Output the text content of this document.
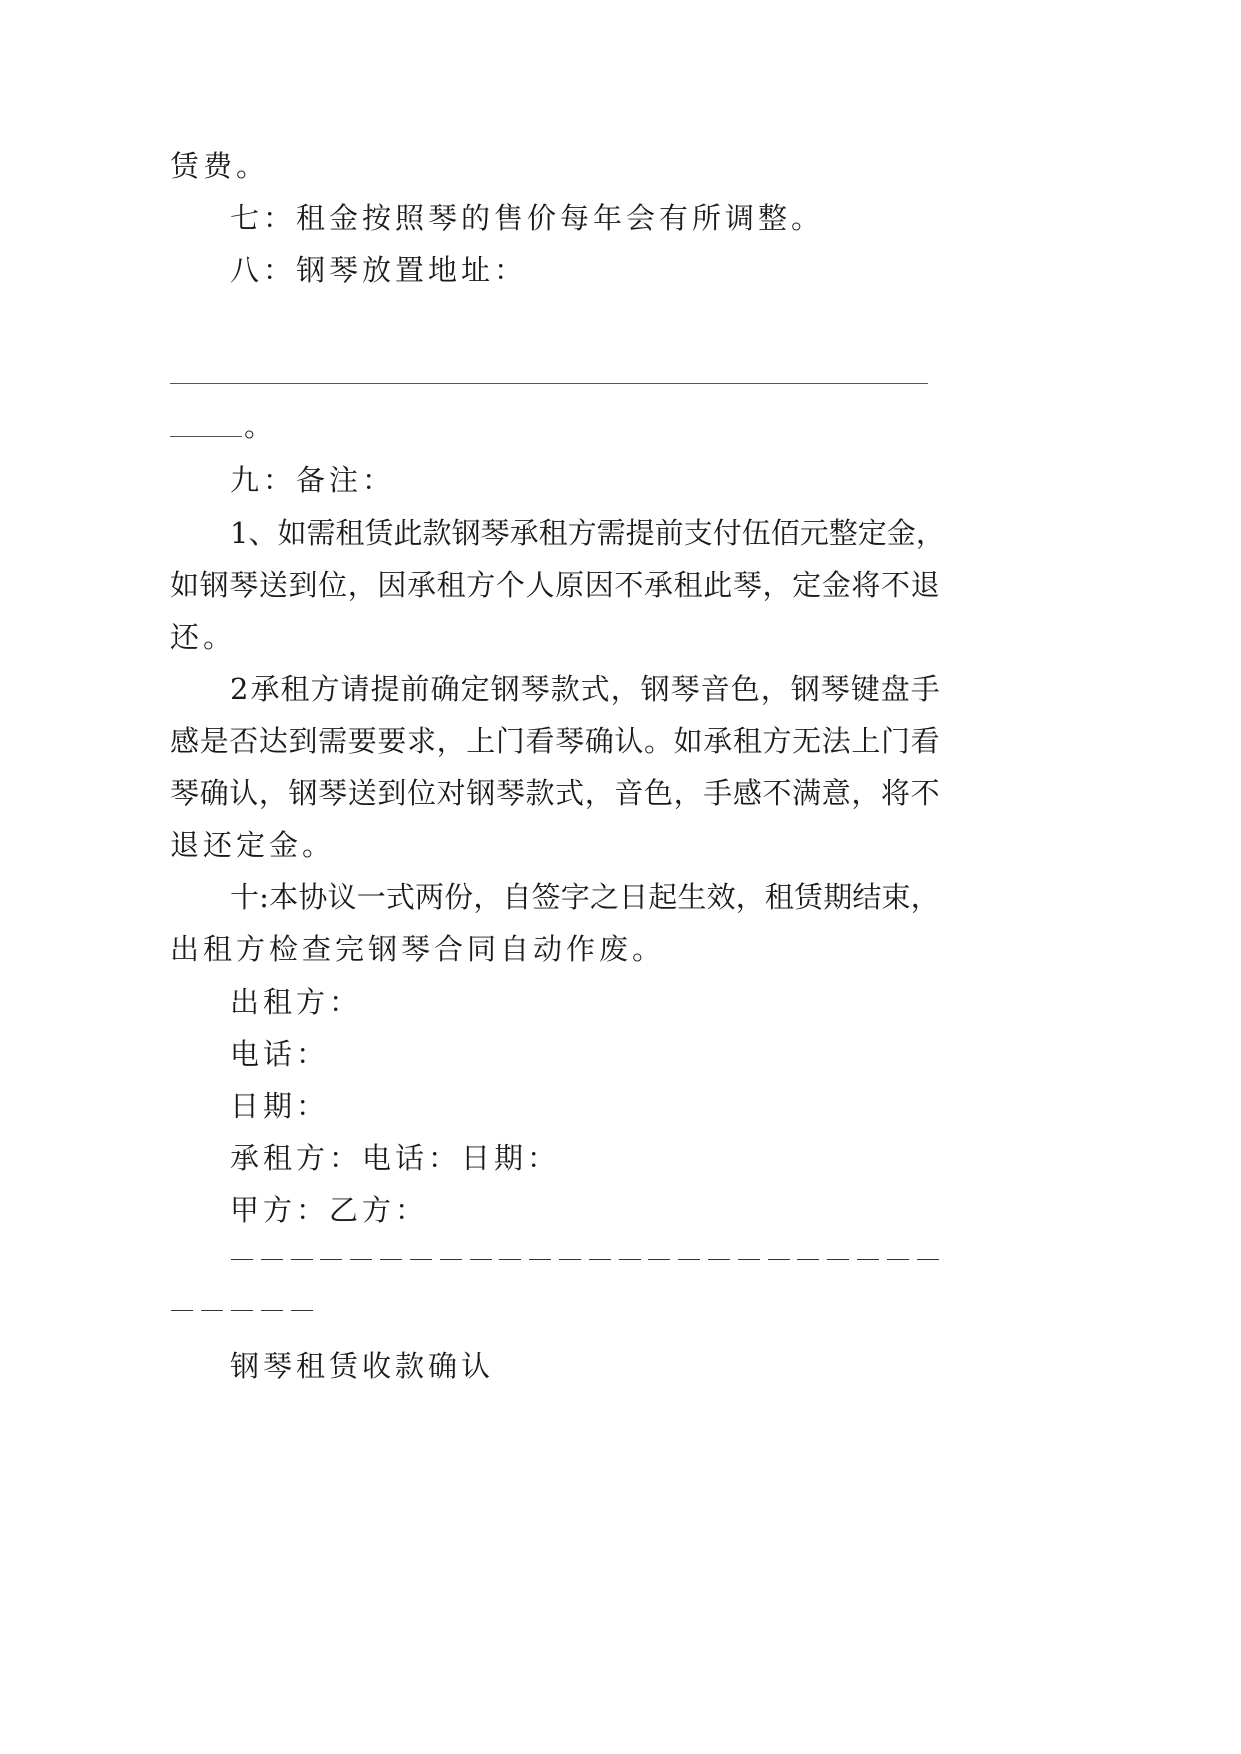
赁费。
七：租金按照琴的售价每年会有所调整。
八：钢琴放置地址：
。
九：备注：
1 、 如 需 租 赁 此 款 钢 琴 承 租 方 需 提 前 支 付 伍 佰 元 整 定 金 ，
如 钢 琴 送 到 位 ， 因 承 租 方 个 人 原 因 不 承 租 此 琴 ， 定 金 将 不 退
还。
2 承 租 方 请 提 前 确 定 钢 琴 款 式 ， 钢 琴 音 色 ， 钢 琴 键 盘 手
感 是 否 达 到 需 要 要 求 ， 上 门 看 琴 确 认 。 如 承 租 方 无 法 上 门 看
琴 确 认 ， 钢 琴 送 到 位 对 钢 琴 款 式 ， 音 色 ， 手 感 不 满 意 ， 将 不
退还定金。
十 : 本 协 议 一 式 两 份 ， 自 签 字 之 日 起 生 效 ， 租 赁 期 结 束 ，
出租方检查完钢琴合同自动作废。
出租方：
电话：
日期：
承租方：电话：日期：
甲方：乙方：
钢琴租赁收款确认
